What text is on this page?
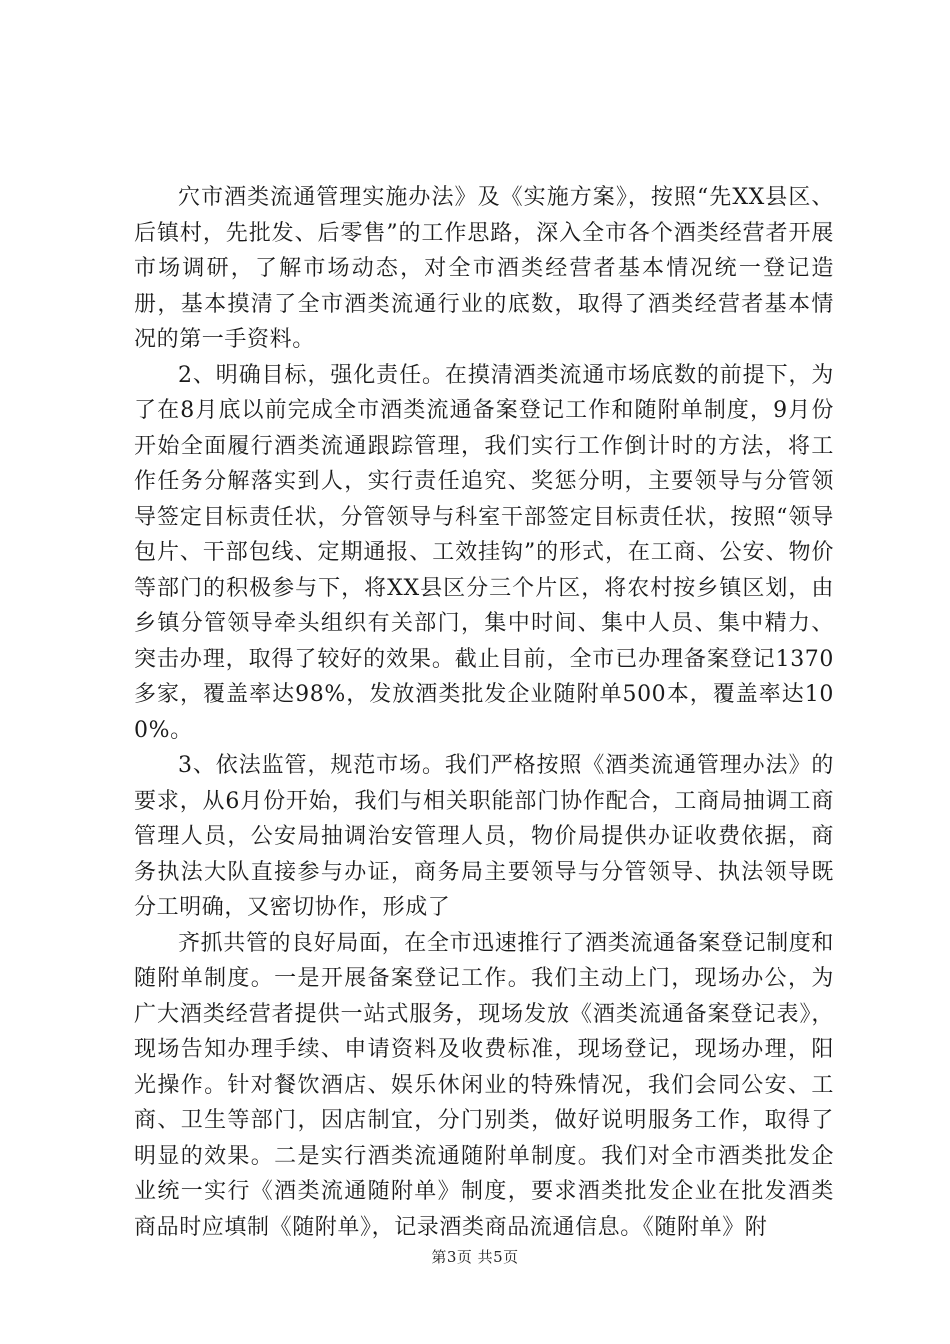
穴市酒类流通管理实施办法》及《实施方案》，按照“先XX县区、后镇村，先批发、后零售”的工作思路，深入全市各个酒类经营者开展市场调研，了解市场动态，对全市酒类经营者基本情况统一登记造册，基本摸清了全市酒类流通行业的底数，取得了酒类经营者基本情况的第一手资料。

2、明确目标，强化责任。在摸清酒类流通市场底数的前提下，为了在8月底以前完成全市酒类流通备案登记工作和随附单制度，9月份开始全面履行酒类流通跟踪管理，我们实行工作倒计时的方法，将工作任务分解落实到人，实行责任追究、奖惩分明，主要领导与分管领导签定目标责任状，分管领导与科室干部签定目标责任状，按照“领导包片、干部包线、定期通报、工效挂钩”的形式，在工商、公安、物价等部门的积极参与下，将XX县区分三个片区，将农村按乡镇区划，由乡镇分管领导牵头组织有关部门，集中时间、集中人员、集中精力、突击办理，取得了较好的效果。截止目前，全市已办理备案登记1370多家，覆盖率达98%，发放酒类批发企业随附单500本，覆盖率达100%。

3、依法监管，规范市场。我们严格按照《酒类流通管理办法》的要求，从6月份开始，我们与相关职能部门协作配合，工商局抽调工商管理人员，公安局抽调治安管理人员，物价局提供办证收费依据，商务执法大队直接参与办证，商务局主要领导与分管领导、执法领导既分工明确，又密切协作，形成了

齐抓共管的良好局面，在全市迅速推行了酒类流通备案登记制度和随附单制度。一是开展备案登记工作。我们主动上门，现场办公，为广大酒类经营者提供一站式服务，现场发放《酒类流通备案登记表》，现场告知办理手续、申请资料及收费标准，现场登记，现场办理，阳光操作。针对餐饮酒店、娱乐休闲业的特殊情况，我们会同公安、工商、卫生等部门，因店制宜，分门别类，做好说明服务工作，取得了明显的效果。二是实行酒类流通随附单制度。我们对全市酒类批发企业统一实行《酒类流通随附单》制度，要求酒类批发企业在批发酒类商品时应填制《随附单》，记录酒类商品流通信息。《随附单》附

第3页 共5页
